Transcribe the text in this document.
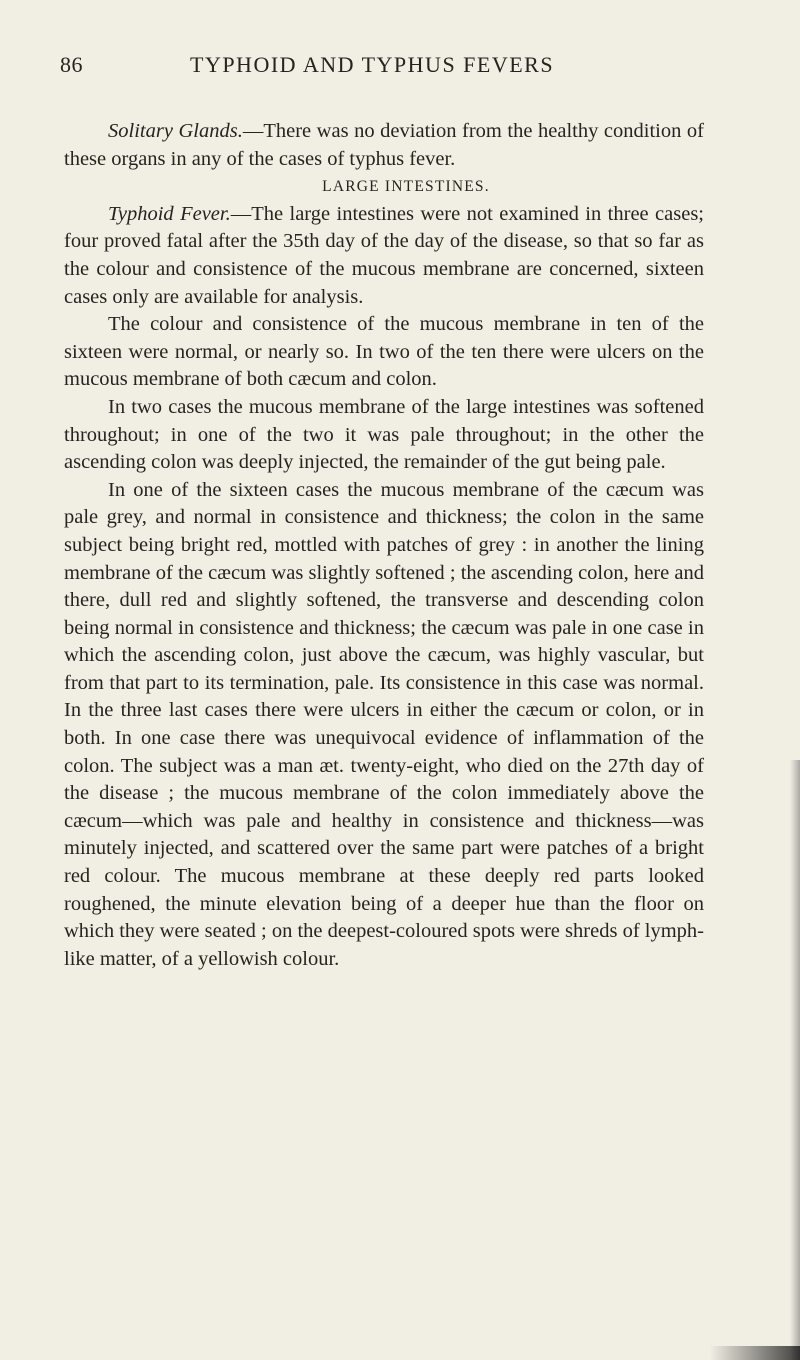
86	TYPHOID AND TYPHUS FEVERS

Solitary Glands.—There was no deviation from the healthy condition of these organs in any of the cases of typhus fever.

LARGE INTESTINES.

Typhoid Fever.—The large intestines were not examined in three cases; four proved fatal after the 35th day of the day of the disease, so that so far as the colour and consistence of the mucous membrane are concerned, sixteen cases only are available for analysis.

The colour and consistence of the mucous membrane in ten of the sixteen were normal, or nearly so. In two of the ten there were ulcers on the mucous membrane of both cæcum and colon.

In two cases the mucous membrane of the large intestines was softened throughout; in one of the two it was pale throughout; in the other the ascending colon was deeply injected, the remainder of the gut being pale.

In one of the sixteen cases the mucous membrane of the cæcum was pale grey, and normal in consistence and thickness; the colon in the same subject being bright red, mottled with patches of grey : in another the lining membrane of the cæcum was slightly softened ; the ascending colon, here and there, dull red and slightly softened, the transverse and descending colon being normal in consistence and thickness; the cæcum was pale in one case in which the ascending colon, just above the cæcum, was highly vascular, but from that part to its termination, pale. Its consistence in this case was normal. In the three last cases there were ulcers in either the cæcum or colon, or in both. In one case there was unequivocal evidence of inflammation of the colon. The subject was a man æt. twenty-eight, who died on the 27th day of the disease ; the mucous membrane of the colon immediately above the cæcum—which was pale and healthy in consistence and thickness—was minutely injected, and scattered over the same part were patches of a bright red colour. The mucous membrane at these deeply red parts looked roughened, the minute elevation being of a deeper hue than the floor on which they were seated ; on the deepest-coloured spots were shreds of lymph-like matter, of a yellowish colour.
